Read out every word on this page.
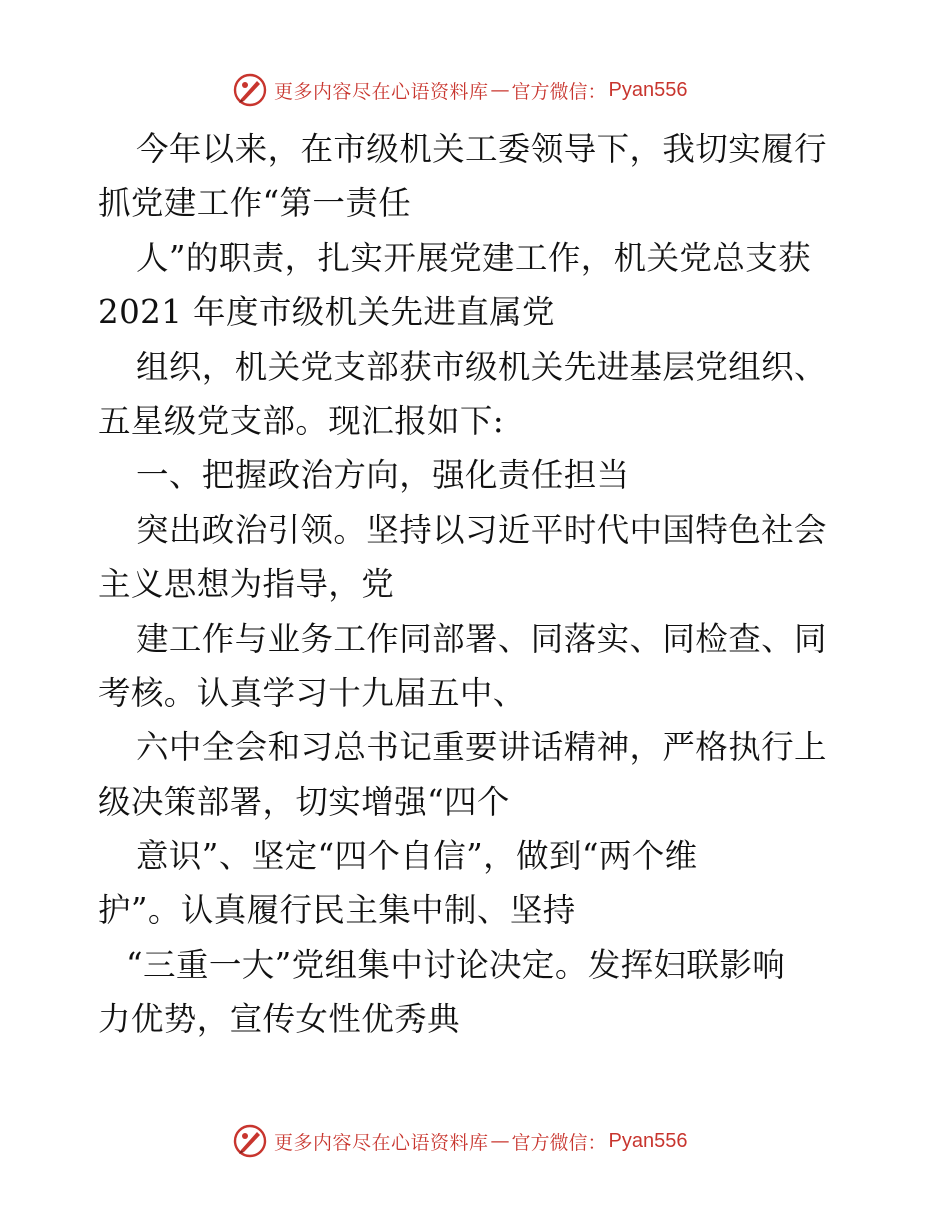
更多内容尽在心语资料库 — 官方微信： Pyan556
今年以来，在市级机关工委领导下，我切实履行
抓党建工作“第一责任
人”的职责，扎实开展党建工作，机关党总支获
2021 年度市级机关先进直属党
组织，机关党支部获市级机关先进基层党组织、
五星级党支部。现汇报如下:
一、把握政治方向，强化责任担当
突出政治引领。坚持以习近平时代中国特色社会
主义思想为指导，党
建工作与业务工作同部署、同落实、同检查、同
考核。认真学习十九届五中、
六中全会和习总书记重要讲话精神，严格执行上
级决策部署，切实增强“四个
意识”、坚定“四个自信”，做到“两个维
护”。认真履行民主集中制、坚持
“三重一大”党组集中讨论决定。发挥妇联影响
力优势，宣传女性优秀典
更多内容尽在心语资料库 — 官方微信： Pyan556
